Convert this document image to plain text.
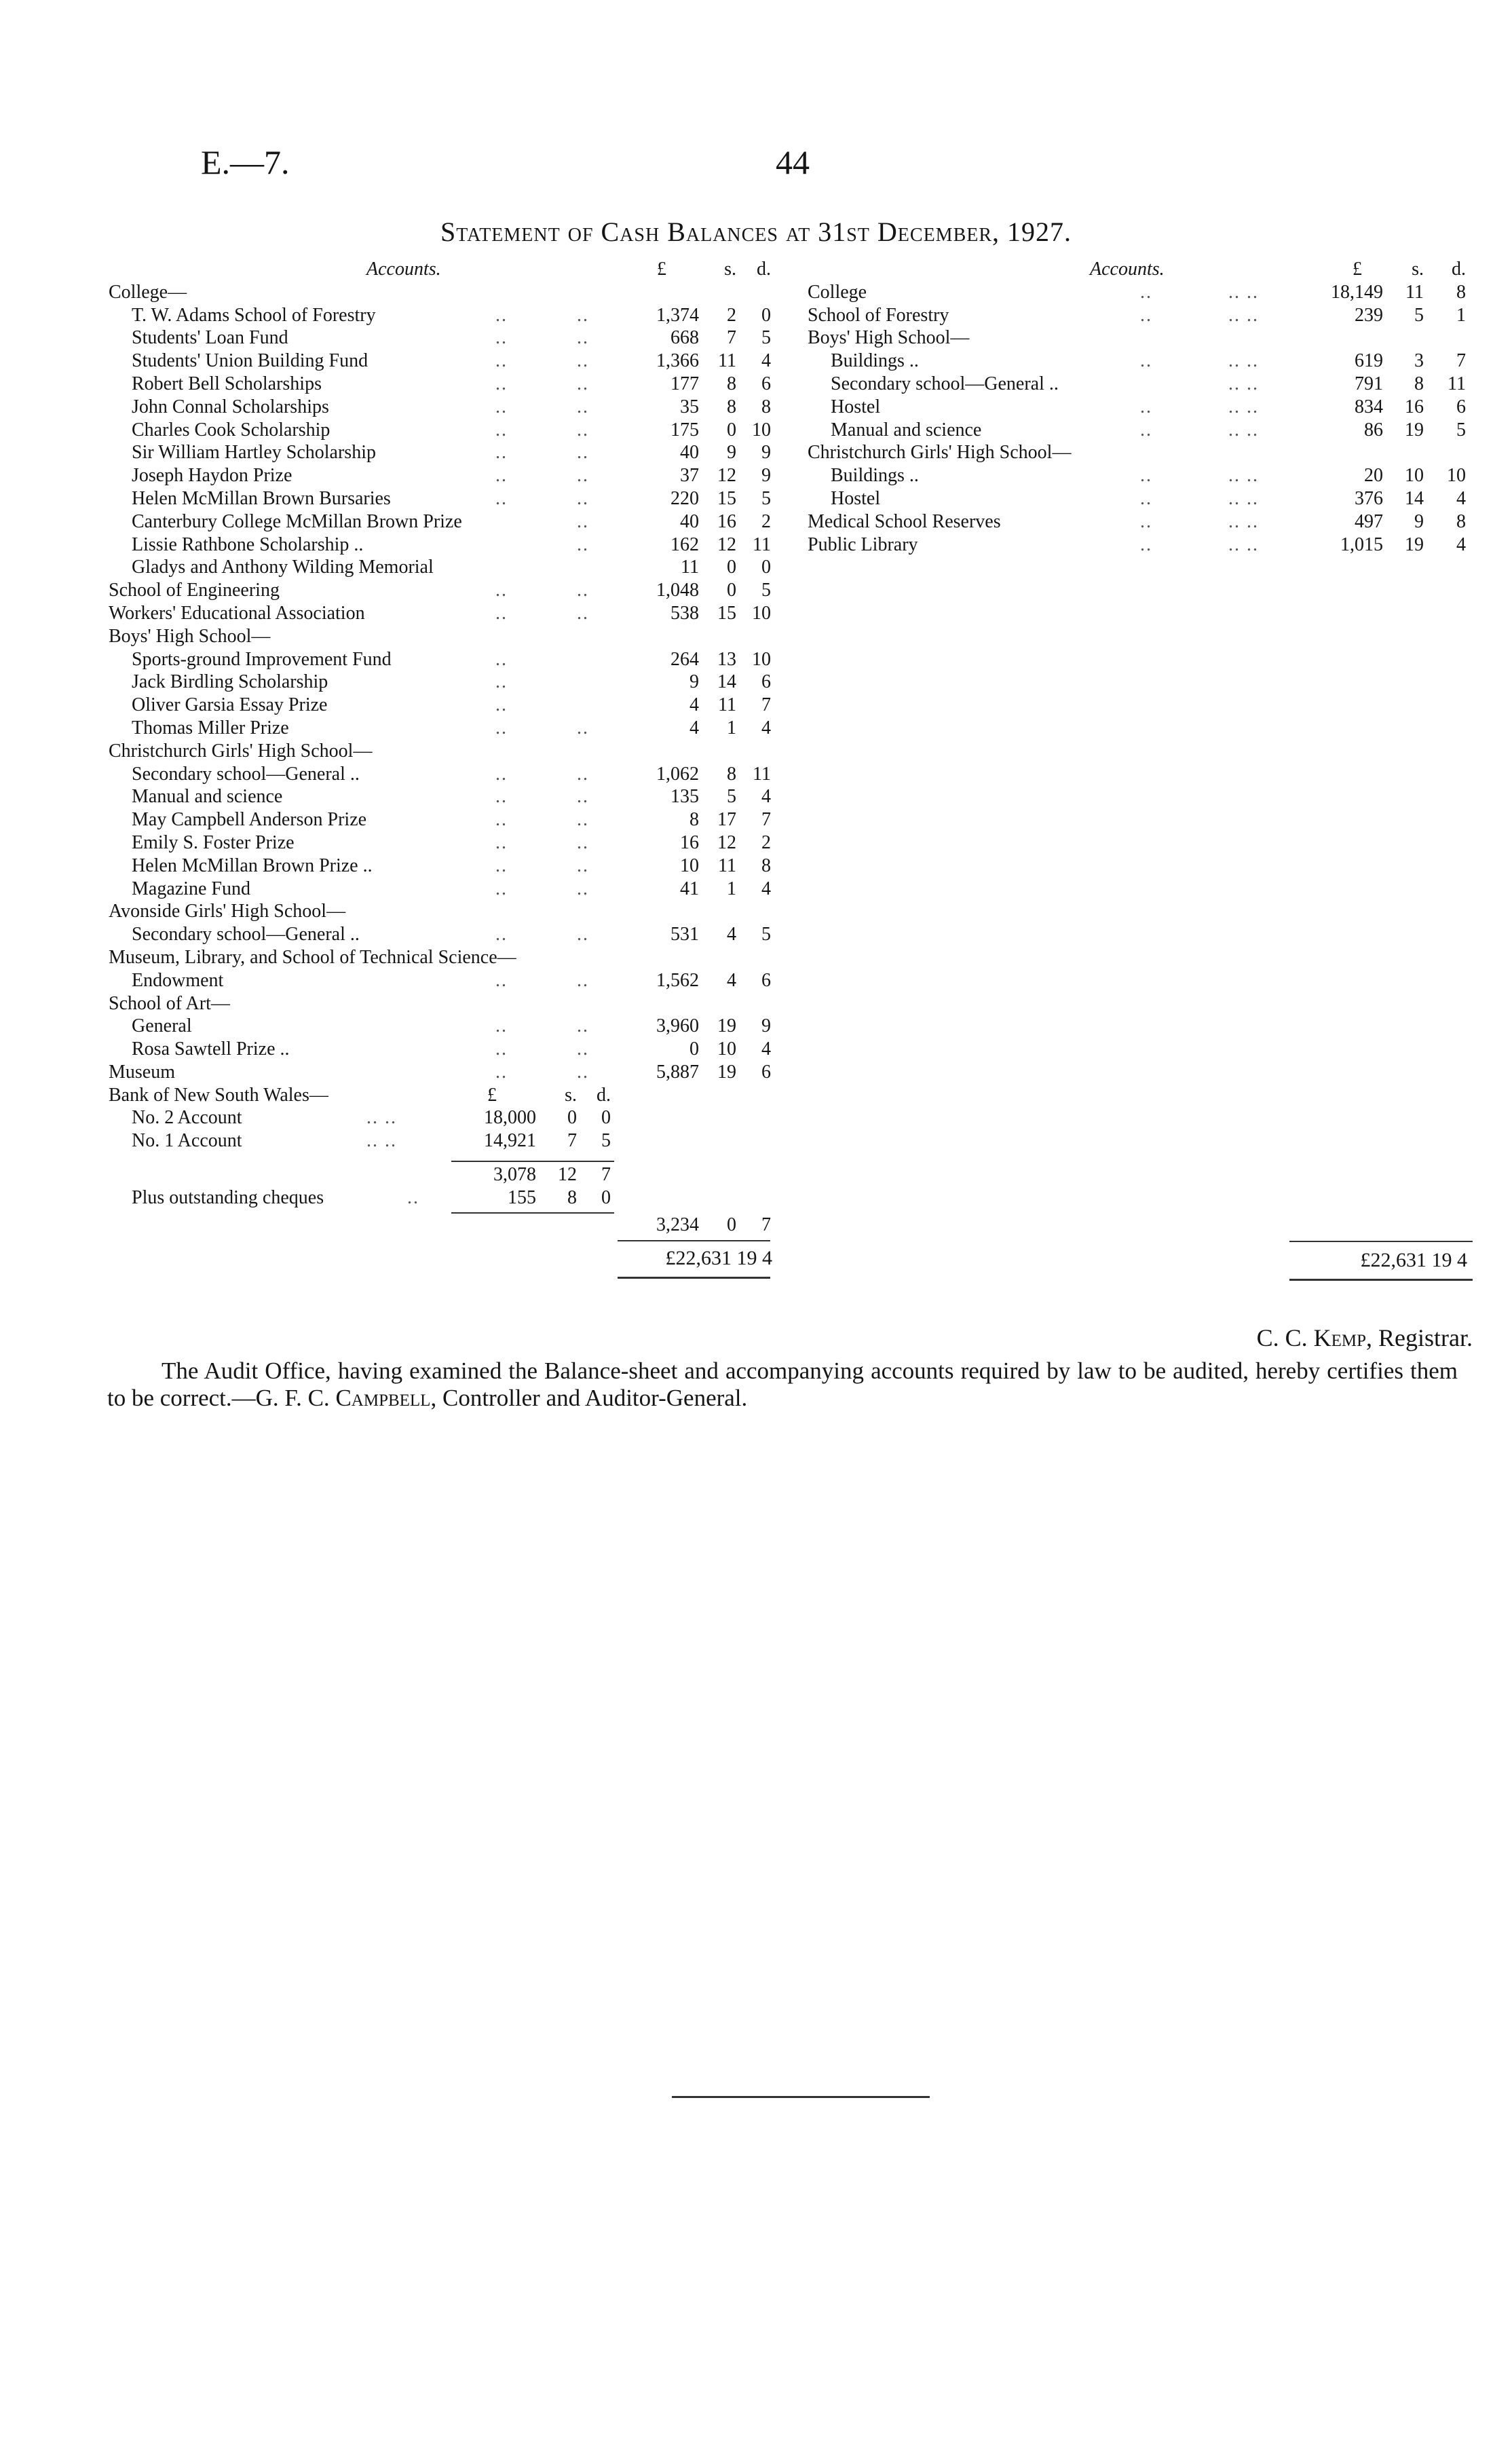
E.—7.	44
Statement of Cash Balances at 31st December, 1927.
Accounts.	£	s.	d.
College—
T. W. Adams School of Forestry	..	..	1,374	2	0
Students' Loan Fund	..	..	668	7	5
Students' Union Building Fund	..	..	1,366	11	4
Robert Bell Scholarships	..	..	177	8	6
John Connal Scholarships	..	..	35	8	8
Charles Cook Scholarship	..	..	175	0 10
Sir William Hartley Scholarship	..	..	40	9	9
Joseph Haydon Prize	..	..	37 12	9
Helen McMillan Brown Bursaries	..	..	220 15	5
Canterbury College McMillan Brown Prize	..	40 16	2
Lissie Rathbone Scholarship ..	..	162 12 11
Gladys and Anthony Wilding Memorial	11	0	0
School of Engineering	..	..	1,048	0	5
Workers' Educational Association	..	..	538 15 10
Boys' High School—
Sports-ground Improvement Fund	..	264 13 10
Jack Birdling Scholarship	..	9 14	6
Oliver Garsia Essay Prize	..	4	11	7
Thomas Miller Prize	..	..	4	1	4
Christchurch Girls' High School—
Secondary school—General ..	..	..	1,062	8 11
Manual and science	..	..	135	5	4
May Campbell Anderson Prize	..	..	8 17	7
Emily S. Foster Prize	..	..	16 12	2
Helen McMillan Brown Prize ..	..	..	10	11	8
Magazine Fund	..	..	41	1	4
Avonside Girls' High School—
Secondary school—General ..	..	..	531	4	5
Museum, Library, and School of Technical Science—
Endowment	..	..	1,562	4	6
School of Art—
General	..	..	3,960 19	9
Rosa Sawtell Prize ..	..	..	0 10	4
Museum	..	..	5,887 19	6
Bank of New South Wales—	£	s.	d.
No. 2 Account	.. ..	18,000	0	0
No. 1 Account	.. ..	14,921	7	5
3,078	12	7
Plus outstanding cheques	..	155	8	0
3,234	0	7
£22,631 19 4
Accounts.	£	s.	d.
College	..	.. ..	18,149	11	8
School of Forestry	..	.. ..	239	5	1
Boys' High School—
Buildings ..	..	.. ..	619	3	7
Secondary school—General ..	.. ..	791	8	11
Hostel	..	.. ..	834	16	6
Manual and science	..	.. ..	86	19	5
Christchurch Girls' High School—
Buildings ..	..	.. ..	20	10	10
Hostel	..	.. ..	376	14	4
Medical School Reserves	..	.. ..	497	9	8
Public Library	..	.. ..	1,015	19	4
£22,631 19 4
C. C. Kemp, Registrar.
The Audit Office, having examined the Balance-sheet and accompanying accounts required by law to be audited, hereby certifies them to be correct.—G. F. C. Campbell, Controller and Auditor-General.
